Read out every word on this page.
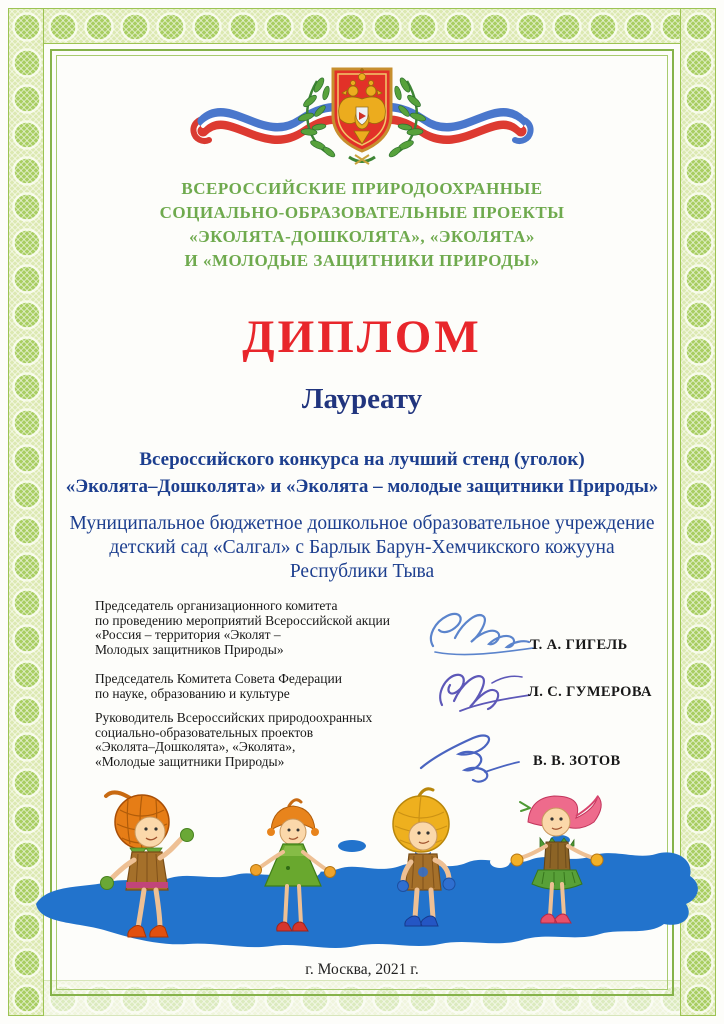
ВСЕРОССИЙСКИЕ ПРИРОДООХРАННЫЕ
СОЦИАЛЬНО-ОБРАЗОВАТЕЛЬНЫЕ ПРОЕКТЫ
«ЭКОЛЯТА-ДОШКОЛЯТА», «ЭКОЛЯТА»
И «МОЛОДЫЕ ЗАЩИТНИКИ ПРИРОДЫ»
ДИПЛОМ
Лауреату
Всероссийского конкурса на лучший стенд (уголок)
«Эколята–Дошколята» и «Эколята – молодые защитники Природы»
Муниципальное бюджетное дошкольное образовательное учреждение
детский сад «Салгал» с Барлык Барун-Хемчикского кожууна
Республики Тыва
Председатель организационного комитета
по проведению мероприятий Всероссийской акции
«Россия – территория «Эколят –
Молодых защитников Природы»	Т. А. ГИГЕЛЬ
Председатель Комитета Совета Федерации
по науке, образованию и культуре	Л. С. ГУМЕРОВА
Руководитель Всероссийских природоохранных
социально-образовательных проектов
«Эколята–Дошколята», «Эколята»,
«Молодые защитники Природы»	В. В. ЗОТОВ
г. Москва, 2021 г.
